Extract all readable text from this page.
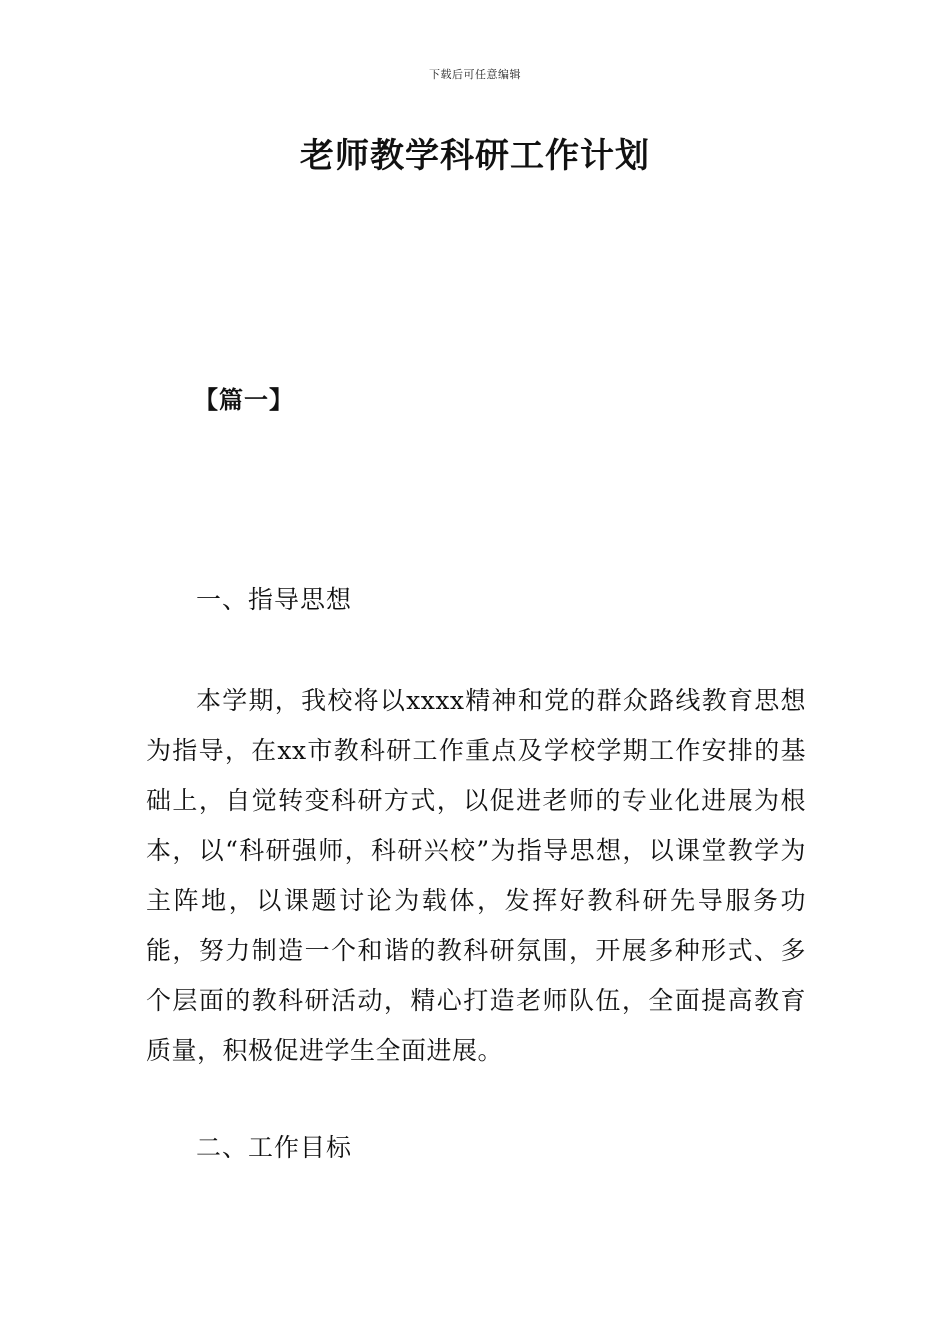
下载后可任意编辑
老师教学科研工作计划
【篇一】
一、指导思想

本学期，我校将以xxxx精神和党的群众路线教育思想为指导，在xx市教科研工作重点及学校学期工作安排的基础上，自觉转变科研方式，以促进老师的专业化进展为根本，以“科研强师，科研兴校”为指导思想，以课堂教学为主阵地，以课题讨论为载体，发挥好教科研先导服务功能，努力制造一个和谐的教科研氛围，开展多种形式、多个层面的教科研活动，精心打造老师队伍，全面提高教育质量，积极促进学生全面进展。

二、工作目标
